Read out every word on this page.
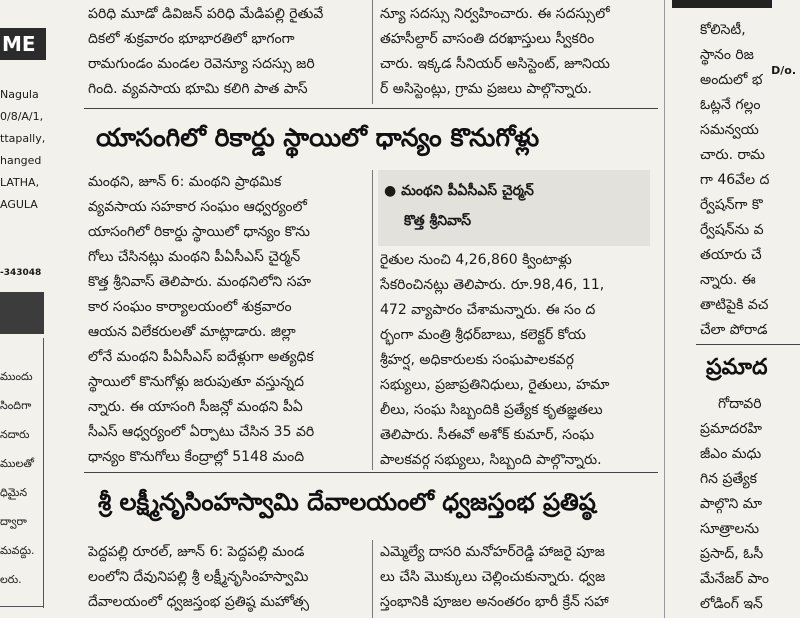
ME
D/o.
Nagula
0/8/A/1,
ttapally,
hanged
LATHA,
AGULA
-343048
ముందు
సిందిగా
నదారు
ములతో
ధిమైన
ద్వారా
మవద్దు.
లరు.
పరిధి మూడో డివిజన్ పరిధి మేడిపల్లి రైతువే
దికలో శుక్రవారం భూభారతిలో భాగంగా
రామగుండం మండల రెవెన్యూ సదస్సు జరి
గింది. వ్యవసాయ భూమి కలిగి పాత పాస్
న్యూ సదస్సు నిర్వహించారు. ఈ సదస్సులో
తహసీల్దార్ వాసంతి దరఖాస్తులు స్వీకరిం
చారు. ఇక్కడ సీనియర్ అసిస్టెంట్, జూనియ
ర్ అసిస్టెంట్లు, గ్రామ ప్రజలు పాల్గొన్నారు.
యాసంగిలో రికార్డు స్థాయిలో ధాన్యం కొనుగోళ్లు
మంథని, జూన్ 6: మంథని ప్రాథమిక
వ్యవసాయ సహకార సంఘం ఆధ్వర్యంలో
యాసంగిలో రికార్డు స్థాయిలో ధాన్యం కొను
గోలు చేసినట్లు మంథని పీఏసీఎస్ చైర్మన్
కొత్త శ్రీనివాస్ తెలిపారు. మంథనిలోని సహ
కార సంఘం కార్యాలయంలో శుక్రవారం
ఆయన విలేకరులతో మాట్లాడారు. జిల్లా
లోనే మంథని పీఏసీఎస్ ఐదేళ్లుగా అత్యధిక
స్థాయిలో కొనుగోళ్లు జరుపుతూ వస్తున్నద
న్నారు. ఈ యాసంగి సీజన్లో మంథని పీఏ
సీఎస్ ఆధ్వర్యంలో ఏర్పాటు చేసిన 35 వరి
ధాన్యం కొనుగోలు కేంద్రాల్లో 5148 మంది
● మంథని పీఏసీఎస్ చైర్మన్
కొత్త శ్రీనివాస్
రైతుల నుంచి 4,26,860 క్వింటాళ్లు
సేకరించినట్లు తెలిపారు. రూ.98,46, 11,
472 వ్యాపారం చేశామన్నారు. ఈ సం ద
ర్భంగా మంత్రి శ్రీధర్‌బాబు, కలెక్టర్ కోయ
శ్రీహర్ష, అధికారులకు సంఘపాలకవర్గ
సభ్యులు, ప్రజాప్రతినిధులు, రైతులు, హమా
లీలు, సంఘ సిబ్బందికి ప్రత్యేక కృతజ్ఞతలు
తెలిపారు. సీఈవో అశోక్ కుమార్, సంఘ
పాలకవర్గ సభ్యులు, సిబ్బంది పాల్గొన్నారు.
శ్రీ లక్ష్మీనృసింహస్వామి దేవాలయంలో ధ్వజస్తంభ ప్రతిష్ఠ
పెద్దపల్లి రూరల్, జూన్ 6: పెద్దపల్లి మండ
లంలోని దేవునిపల్లి శ్రీ లక్ష్మీనృసింహస్వామి
దేవాలయంలో ధ్వజస్తంభ ప్రతిష్ఠ మహోత్స
ఎమ్మెల్యే దాసరి మనోహర్‌రెడ్డి హాజరై పూజ
లు చేసి మొక్కులు చెల్లించుకున్నారు. ధ్వజ
స్తంభానికి పూజల అనంతరం భారీ క్రేన్ సహా
కోలిసెటీ,
స్థానం రిజ
అందులో భ
ఓట్లనే గల్లం
సమన్వయ
చారు. రామ
గా 46వేల ద
ర్వేషన్‌గా కొ
ర్వేషన్‌ను వ
తయారు చే
న్నారు. ఈ
తాటిపైకి వచ
చేలా పోరాడ
ప్రమాద
గోదావరి
ప్రమాదరహి
జీఎం మధు
గిన ప్రత్యేక
పాల్గొని మా
సూత్రాలను
ప్రసాద్, ఓసీ
మేనేజర్ పాం
లోడింగ్ ఇన్
